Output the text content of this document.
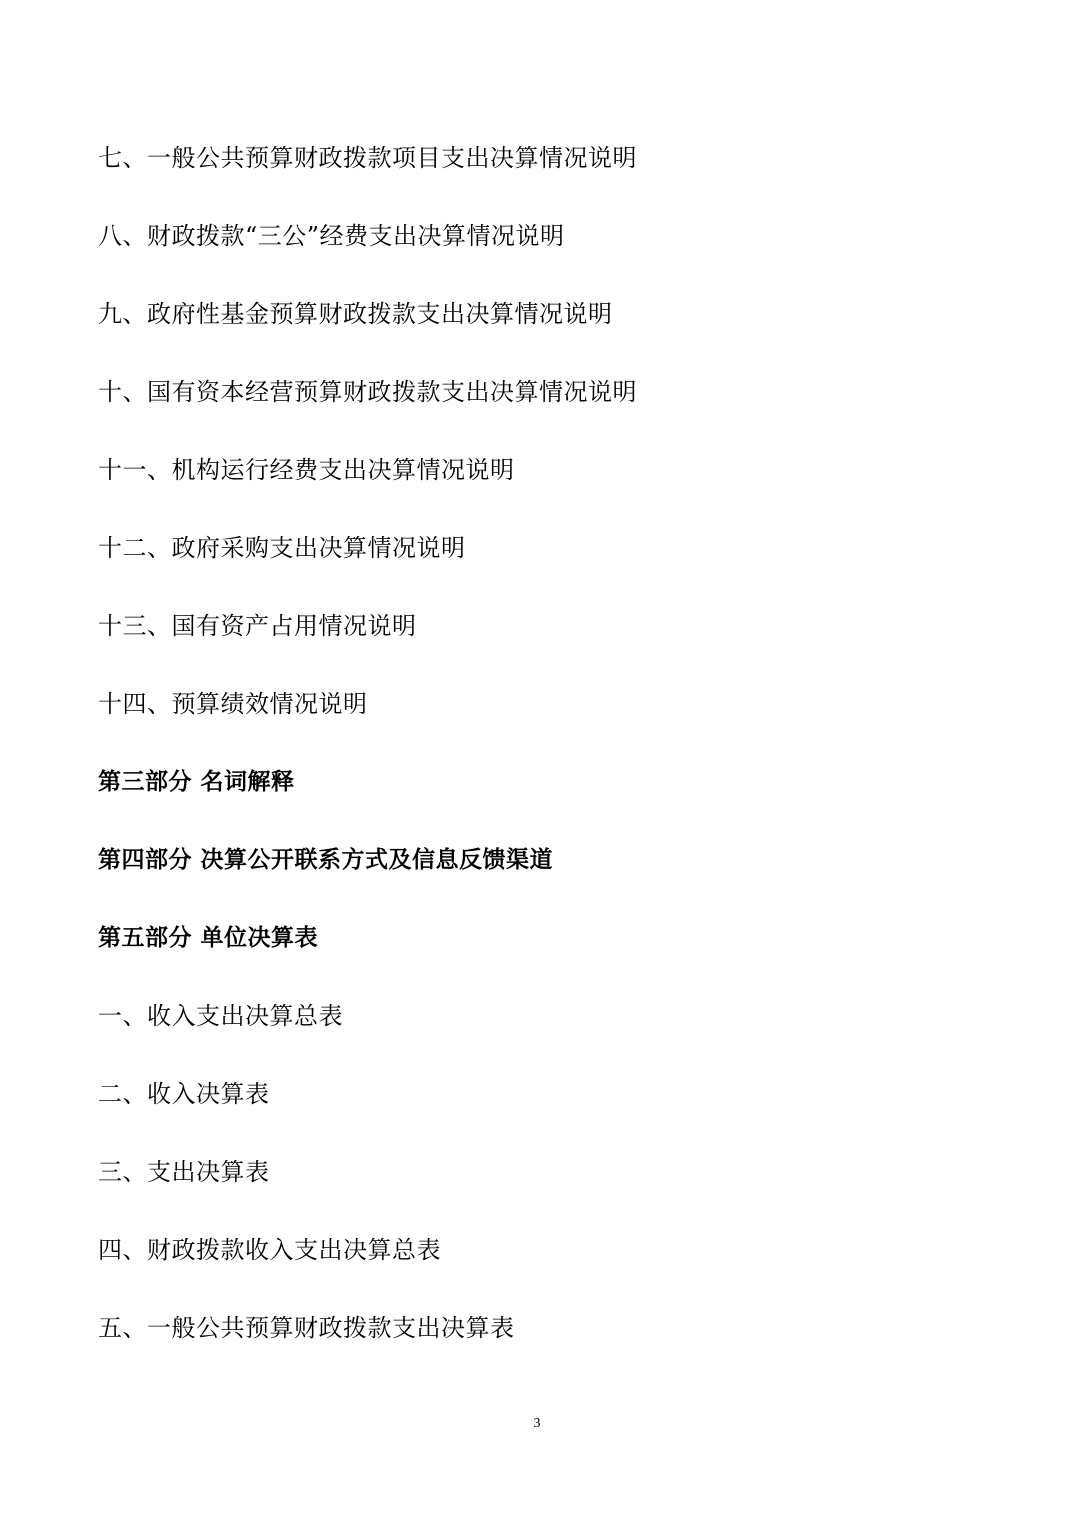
七、一般公共预算财政拨款项目支出决算情况说明
八、财政拨款“三公”经费支出决算情况说明
九、政府性基金预算财政拨款支出决算情况说明
十、国有资本经营预算财政拨款支出决算情况说明
十一、机构运行经费支出决算情况说明
十二、政府采购支出决算情况说明
十三、国有资产占用情况说明
十四、预算绩效情况说明
第三部分 名词解释
第四部分 决算公开联系方式及信息反馈渠道
第五部分 单位决算表
一、收入支出决算总表
二、收入决算表
三、支出决算表
四、财政拨款收入支出决算总表
五、一般公共预算财政拨款支出决算表
3
